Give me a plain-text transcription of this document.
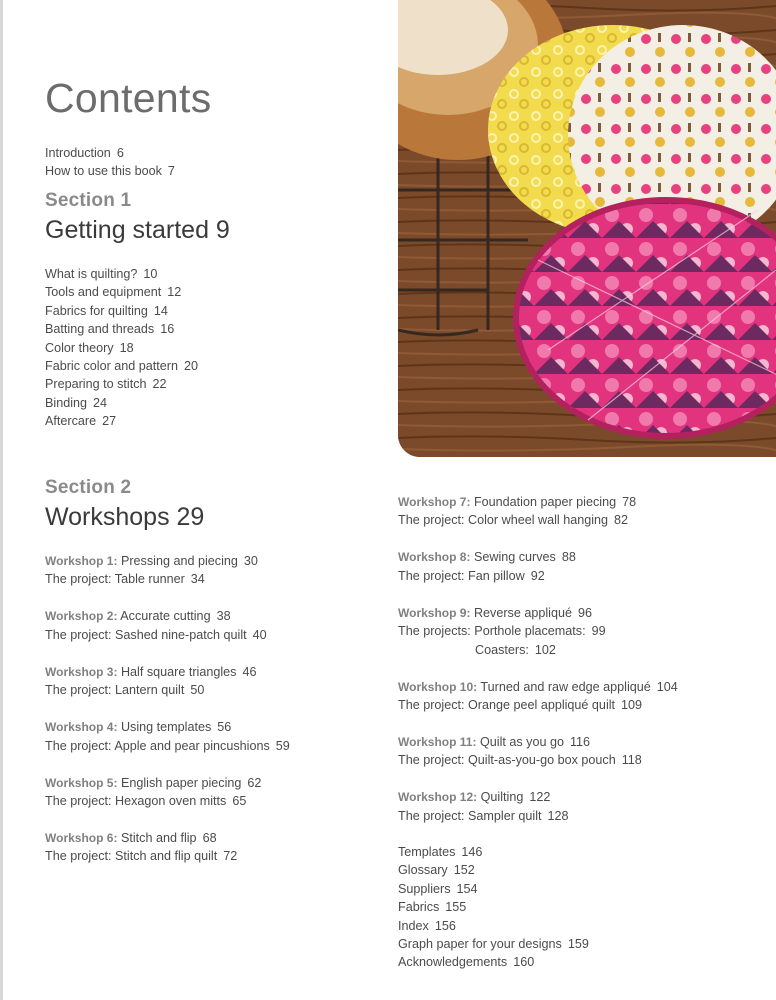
Contents
Introduction 6
How to use this book 7
Section 1
Getting started 9
What is quilting? 10
Tools and equipment 12
Fabrics for quilting 14
Batting and threads 16
Color theory 18
Fabric color and pattern 20
Preparing to stitch 22
Binding 24
Aftercare 27
Section 2
Workshops 29
Workshop 1: Pressing and piecing 30
The project: Table runner 34
Workshop 2: Accurate cutting 38
The project: Sashed nine-patch quilt 40
Workshop 3: Half square triangles 46
The project: Lantern quilt 50
Workshop 4: Using templates 56
The project: Apple and pear pincushions 59
Workshop 5: English paper piecing 62
The project: Hexagon oven mitts 65
Workshop 6: Stitch and flip 68
The project: Stitch and flip quilt 72
Workshop 7: Foundation paper piecing 78
The project: Color wheel wall hanging 82
Workshop 8: Sewing curves 88
The project: Fan pillow 92
Workshop 9: Reverse appliqué 96
The projects: Porthole placemats: 99
Coasters: 102
Workshop 10: Turned and raw edge appliqué 104
The project: Orange peel appliqué quilt 109
Workshop 11: Quilt as you go 116
The project: Quilt-as-you-go box pouch 118
Workshop 12: Quilting 122
The project: Sampler quilt 128
Templates 146
Glossary 152
Suppliers 154
Fabrics 155
Index 156
Graph paper for your designs 159
Acknowledgements 160
